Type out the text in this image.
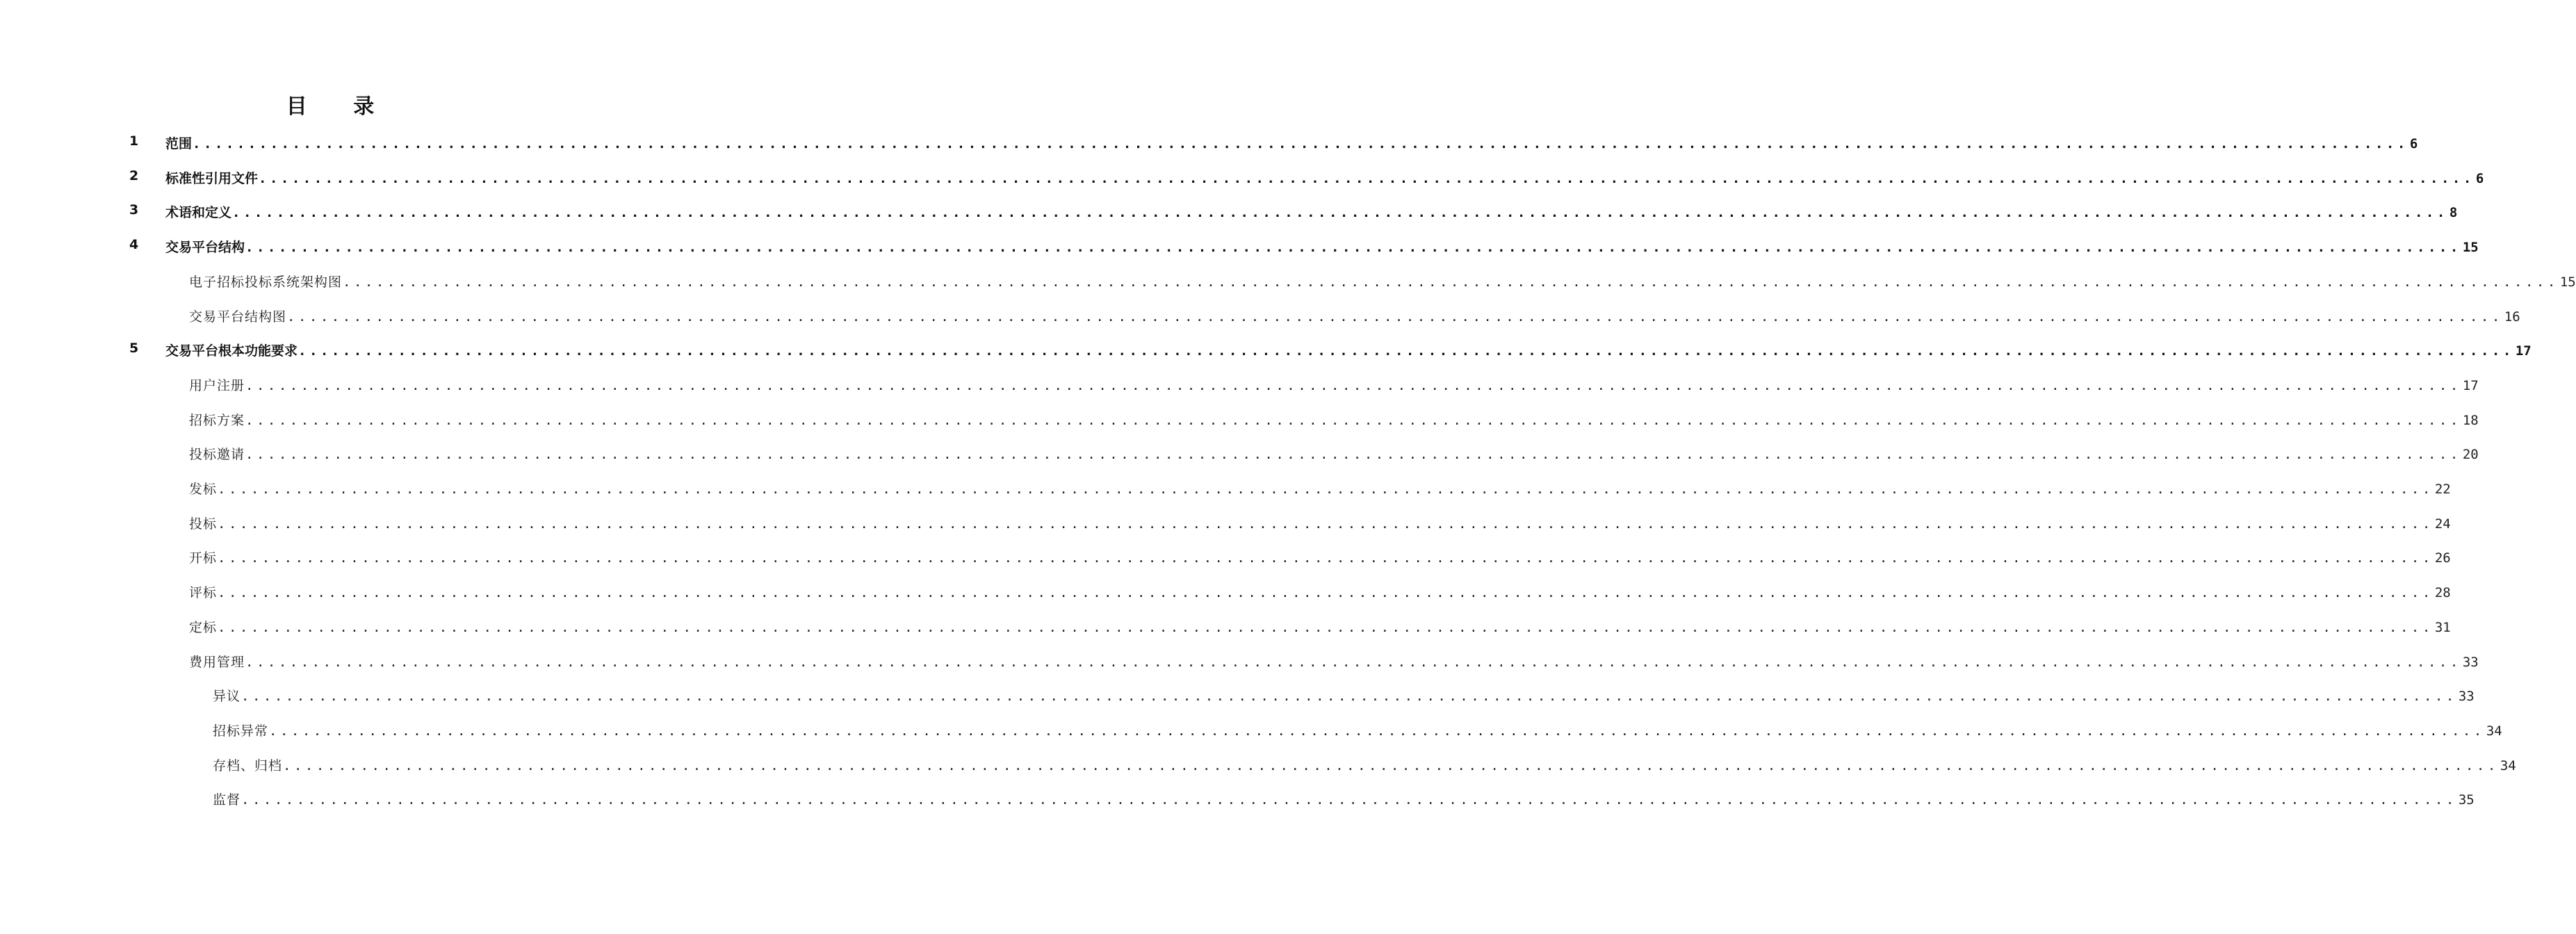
目 录
1	范围 ........................................................................................................................................................................................................ 6
2	标准性引用文件 ........................................................................................................................................................................................................ 6
3	术语和定义 ........................................................................................................................................................................................................ 8
4	交易平台结构 ........................................................................................................................................................................................................ 15
电子招标投标系统架构图 ........................................................................................................................................................................................................ 15
交易平台结构图 ........................................................................................................................................................................................................ 16
5	交易平台根本功能要求 ........................................................................................................................................................................................................ 17
用户注册 ........................................................................................................................................................................................................ 17
招标方案 ........................................................................................................................................................................................................ 18
投标邀请 ........................................................................................................................................................................................................ 20
发标 ........................................................................................................................................................................................................ 22
投标 ........................................................................................................................................................................................................ 24
开标 ........................................................................................................................................................................................................ 26
评标 ........................................................................................................................................................................................................ 28
定标 ........................................................................................................................................................................................................ 31
费用管理 ........................................................................................................................................................................................................ 33
异议 ........................................................................................................................................................................................................ 33
招标异常 ........................................................................................................................................................................................................ 34
存档、归档 ........................................................................................................................................................................................................ 34
监督 ........................................................................................................................................................................................................ 35
